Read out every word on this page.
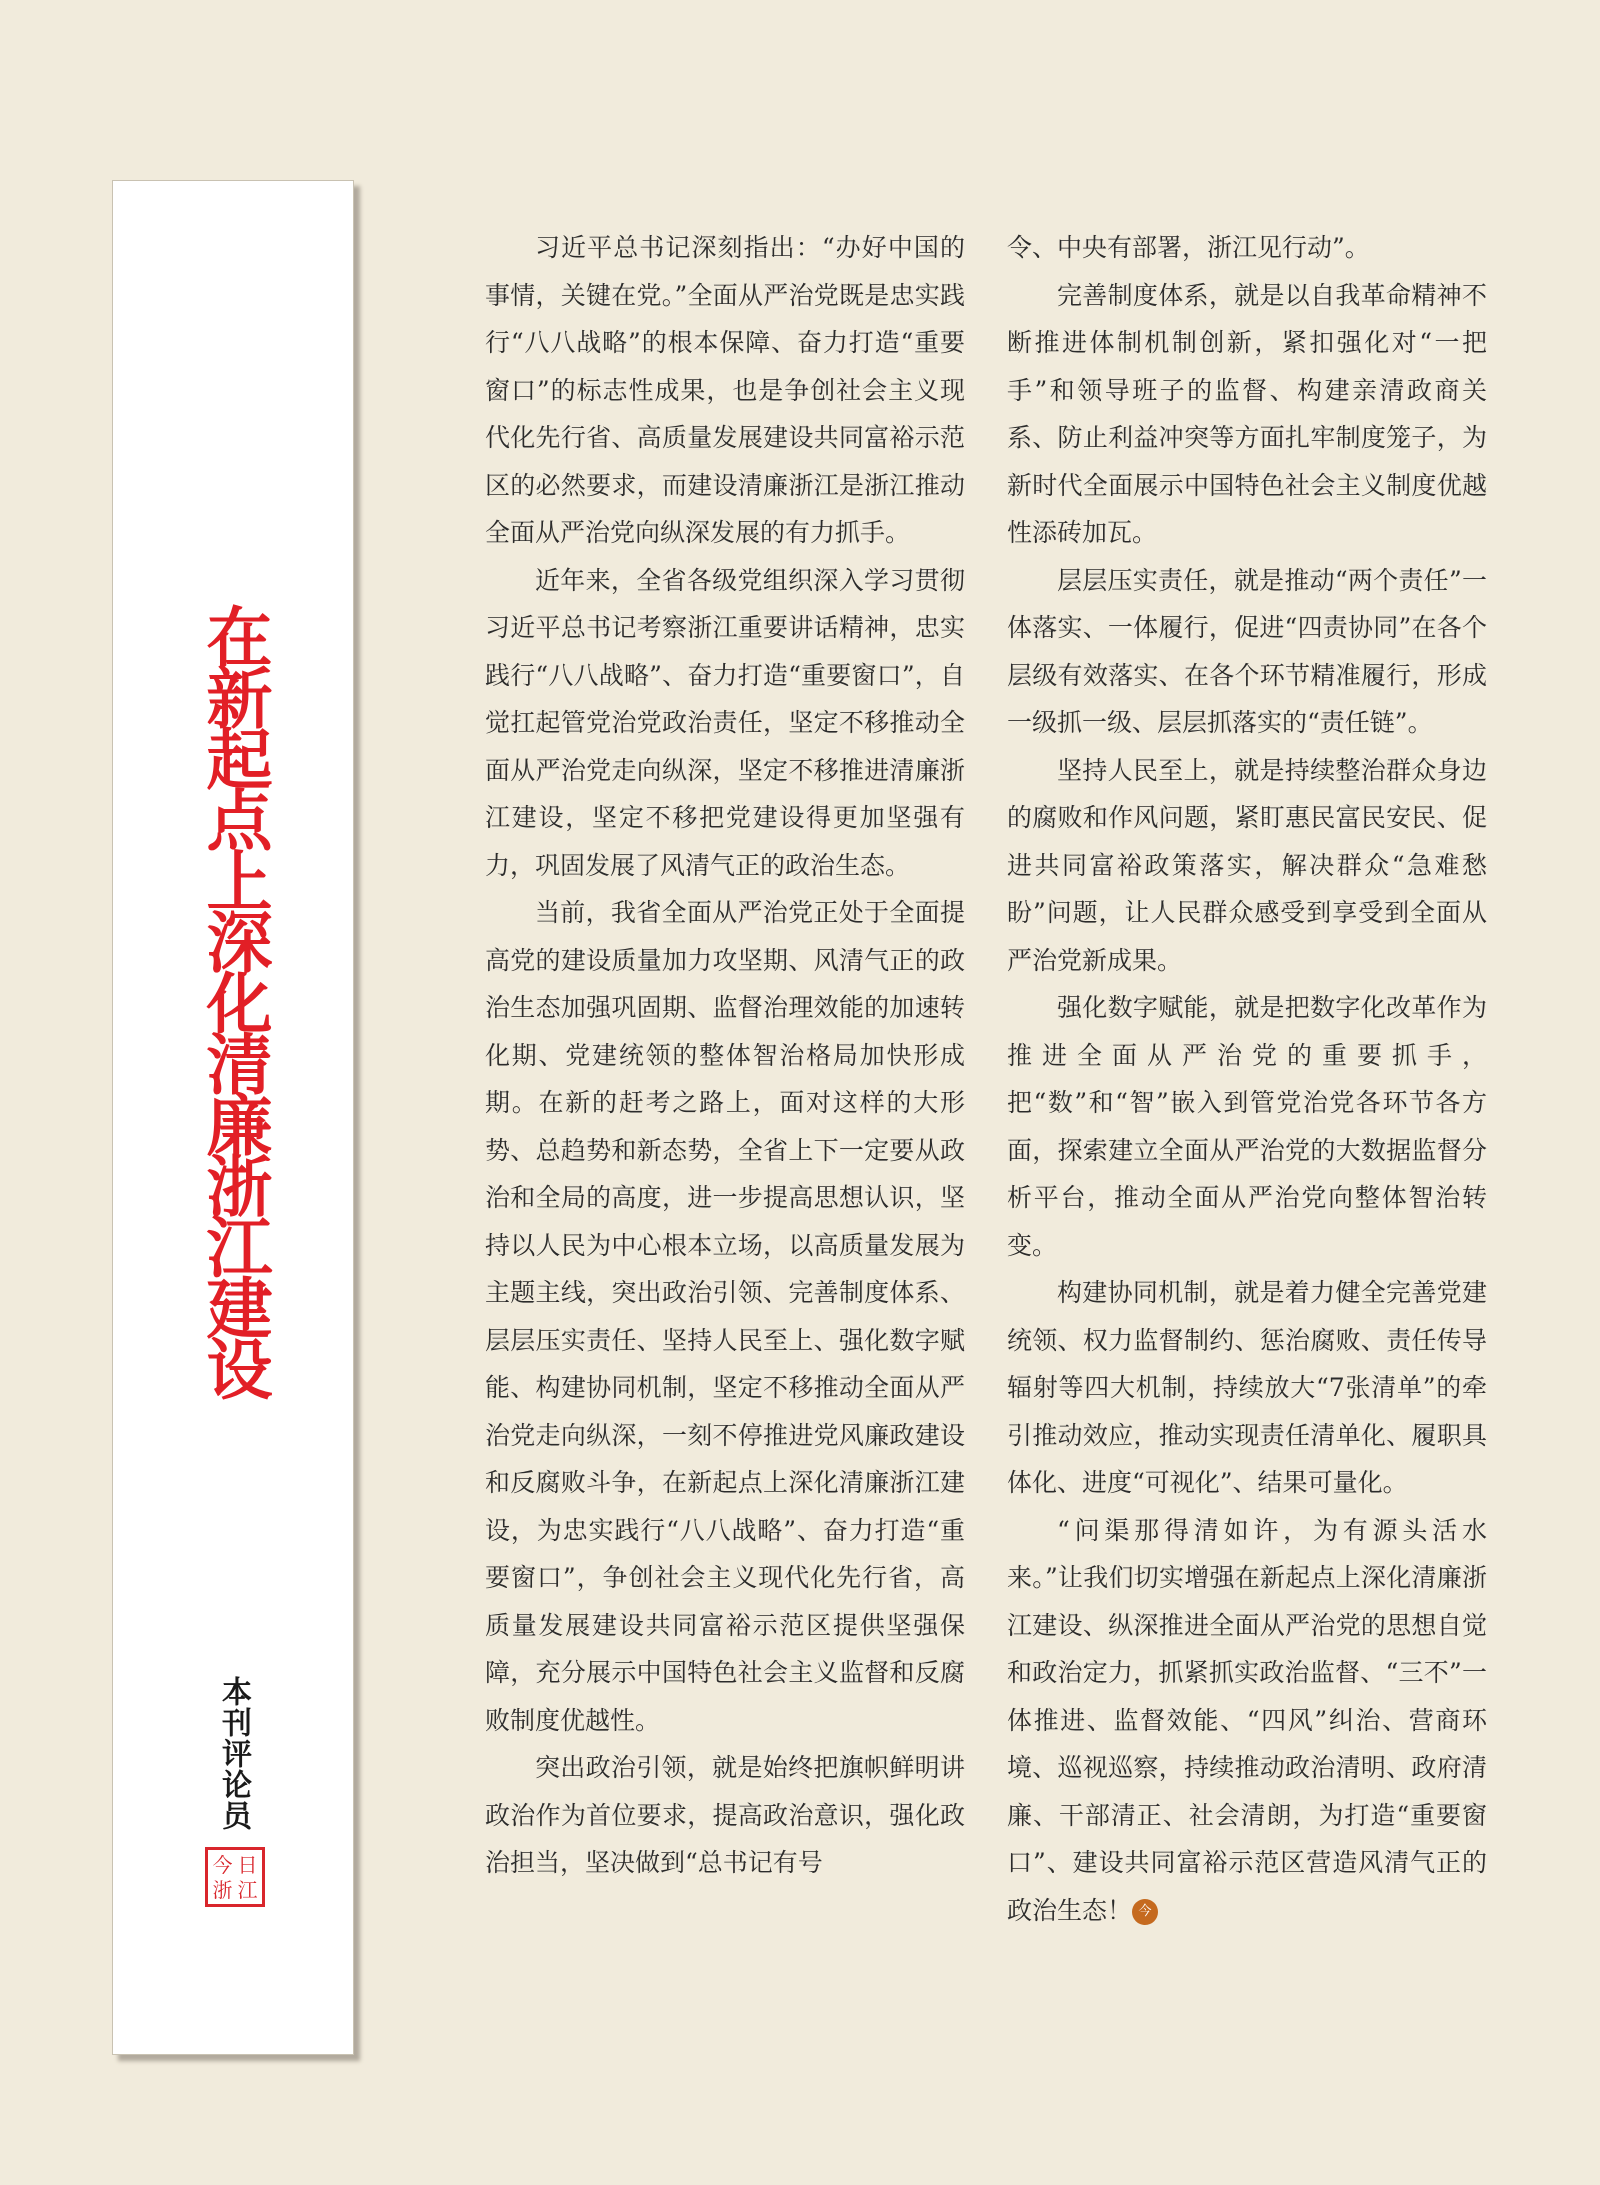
在新起点上深化清廉浙江建设
本刊评论员
今 日
浙 江

习近平总书记深刻指出：“办好中国的事情，关键在党。”全面从严治党既是忠实践行“八八战略”的根本保障、奋力打造“重要窗口”的标志性成果，也是争创社会主义现代化先行省、高质量发展建设共同富裕示范区的必然要求，而建设清廉浙江是浙江推动全面从严治党向纵深发展的有力抓手。

近年来，全省各级党组织深入学习贯彻习近平总书记考察浙江重要讲话精神，忠实践行“八八战略”、奋力打造“重要窗口”，自觉扛起管党治党政治责任，坚定不移推动全面从严治党走向纵深，坚定不移推进清廉浙江建设，坚定不移把党建设得更加坚强有力，巩固发展了风清气正的政治生态。

当前，我省全面从严治党正处于全面提高党的建设质量加力攻坚期、风清气正的政治生态加强巩固期、监督治理效能的加速转化期、党建统领的整体智治格局加快形成期。在新的赶考之路上，面对这样的大形势、总趋势和新态势，全省上下一定要从政治和全局的高度，进一步提高思想认识，坚持以人民为中心根本立场，以高质量发展为主题主线，突出政治引领、完善制度体系、层层压实责任、坚持人民至上、强化数字赋能、构建协同机制，坚定不移推动全面从严治党走向纵深，一刻不停推进党风廉政建设和反腐败斗争，在新起点上深化清廉浙江建设，为忠实践行“八八战略”、奋力打造“重要窗口”，争创社会主义现代化先行省，高质量发展建设共同富裕示范区提供坚强保障，充分展示中国特色社会主义监督和反腐败制度优越性。

突出政治引领，就是始终把旗帜鲜明讲政治作为首位要求，提高政治意识，强化政治担当，坚决做到“总书记有号

令、中央有部署，浙江见行动”。

完善制度体系，就是以自我革命精神不断推进体制机制创新，紧扣强化对“一把手”和领导班子的监督、构建亲清政商关系、防止利益冲突等方面扎牢制度笼子，为新时代全面展示中国特色社会主义制度优越性添砖加瓦。

层层压实责任，就是推动“两个责任”一体落实、一体履行，促进“四责协同”在各个层级有效落实、在各个环节精准履行，形成一级抓一级、层层抓落实的“责任链”。

坚持人民至上，就是持续整治群众身边的腐败和作风问题，紧盯惠民富民安民、促进共同富裕政策落实，解决群众“急难愁盼”问题，让人民群众感受到享受到全面从严治党新成果。

强化数字赋能，就是把数字化改革作为推进全面从严治党的重要抓手，把“数”和“智”嵌入到管党治党各环节各方面，探索建立全面从严治党的大数据监督分析平台，推动全面从严治党向整体智治转变。

构建协同机制，就是着力健全完善党建统领、权力监督制约、惩治腐败、责任传导辐射等四大机制，持续放大“7张清单”的牵引推动效应，推动实现责任清单化、履职具体化、进度“可视化”、结果可量化。

“问渠那得清如许，为有源头活水来。”让我们切实增强在新起点上深化清廉浙江建设、纵深推进全面从严治党的思想自觉和政治定力，抓紧抓实政治监督、“三不”一体推进、监督效能、“四风”纠治、营商环境、巡视巡察，持续推动政治清明、政府清廉、干部清正、社会清朗，为打造“重要窗口”、建设共同富裕示范区营造风清气正的政治生态！ 今
